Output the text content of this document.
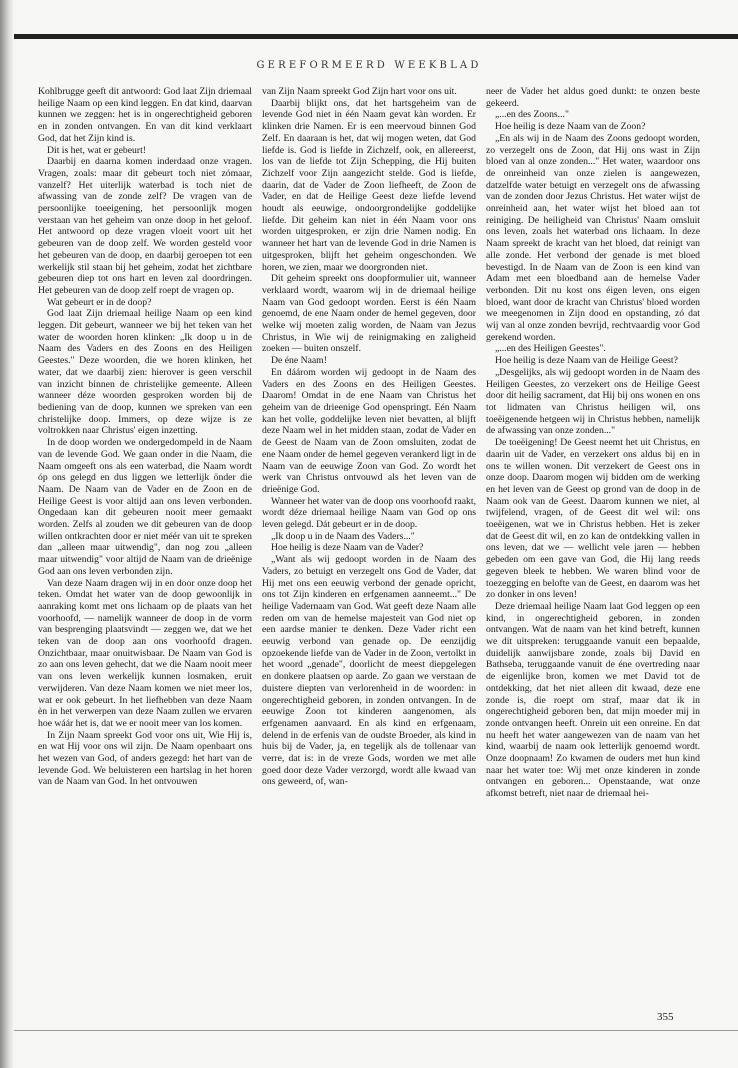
GEREFORMEERD WEEKBLAD

Kohlbrugge geeft dit antwoord: God laat Zijn driemaal heilige Naam op een kind leggen. En dat kind, daarvan kunnen we zeggen: het is in ongerechtigheid geboren en in zonden ontvangen. En van dit kind verklaart God, dat het Zijn kind is.

Dit is het, wat er gebeurt!

Daarbij en daarna komen inderdaad onze vragen. Vragen, zoals: maar dit gebeurt toch niet zómaar, vanzelf? Het uiterlijk waterbad is toch niet de afwassing van de zonde zelf? De vragen van de persoonlijke toeeigening, het persoonlijk mogen verstaan van het geheim van onze doop in het geloof. Het antwoord op deze vragen vloeit voort uit het gebeuren van de doop zelf. We worden gesteld voor het gebeuren van de doop, en daarbij geroepen tot een werkelijk stil staan bij het geheim, zodat het zichtbare gebeuren diep tot ons hart en leven zal doordringen. Het gebeuren van de doop zelf roept de vragen op.

Wat gebeurt er in de doop?

God laat Zijn driemaal heilige Naam op een kind leggen. Dit gebeurt, wanneer we bij het teken van het water de woorden horen klinken: „Ik doop u in de Naam des Vaders en des Zoons en des Heiligen Geestes." Deze woorden, die we horen klinken, het water, dat we daarbij zien: hierover is geen verschil van inzicht binnen de christelijke gemeente. Alleen wanneer déze woorden gesproken worden bij de bediening van de doop, kunnen we spreken van een christelijke doop. Immers, op deze wijze is ze voltrokken naar Christus' eigen inzetting.

In de doop worden we ondergedompeld in de Naam van de levende God. We gaan onder in die Naam, die Naam omgeeft ons als een waterbad, die Naam wordt óp ons gelegd en dus liggen we letterlijk önder die Naam. De Naam van de Vader en de Zoon en de Heilige Geest is voor altijd aan ons leven verbonden. Ongedaan kan dit gebeuren nooit meer gemaakt worden. Zelfs al zouden we dit gebeuren van de doop willen ontkrachten door er niet méér van uit te spreken dan „alleen maar uitwendig", dan nog zou „alleen maar uitwendig" voor altijd de Naam van de drieënige God aan ons leven verbonden zijn.

Van deze Naam dragen wij in en door onze doop het teken. Omdat het water van de doop gewoonlijk in aanraking komt met ons lichaam op de plaats van het voorhoofd, — namelijk wanneer de doop in de vorm van besprenging plaatsvindt — zeggen we, dat we het teken van de doop aan ons voorhoofd dragen. Onzichtbaar, maar onuitwisbaar. De Naam van God is zo aan ons leven gehecht, dat we die Naam nooit meer van ons leven werkelijk kunnen losmaken, eruit verwijderen. Van deze Naam komen we niet meer los, wat er ook gebeurt. In het liefhebben van deze Naam èn in het verwerpen van deze Naam zullen we ervaren hoe wáár het is, dat we er nooit meer van los komen.

In Zijn Naam spreekt God voor ons uit, Wie Hij is, en wat Hij voor ons wil zijn. De Naam openbaart ons het wezen van God, of anders gezegd: het hart van de levende God. We beluisteren een hartslag in het horen van de Naam van God. In het ontvouwen

van Zijn Naam spreekt God Zijn hart voor ons uit.

Daarbij blijkt ons, dat het hartsgeheim van de levende God niet in één Naam gevat kàn worden. Er klinken drie Namen. Er is een meervoud binnen God Zelf. En daaraan is het, dat wij mogen weten, dat God liefde is. God is liefde in Zichzelf, ook, en allereerst, los van de liefde tot Zijn Schepping, die Hij buiten Zichzelf voor Zijn aangezicht stelde. God is liefde, daarin, dat de Vader de Zoon liefheeft, de Zoon de Vader, en dat de Heilige Geest deze liefde levend houdt als eeuwige, ondoorgrondelijke goddelijke liefde. Dit geheim kan niet in één Naam voor ons worden uitgesproken, er zijn drie Namen nodig. En wanneer het hart van de levende God in drie Namen is uitgesproken, blijft het geheim ongeschonden. We horen, we zien, maar we doorgronden niet.

Dit geheim spreekt ons doopformulier uit, wanneer verklaard wordt, waarom wij in de driemaal heilige Naam van God gedoopt worden. Eerst is één Naam genoemd, de ene Naam onder de hemel gegeven, door welke wij moeten zalig worden, de Naam van Jezus Christus, in Wie wij de reinigmaking en zaligheid zoeken — buiten onszelf.

De éne Naam!

En dáárom worden wij gedoopt in de Naam des Vaders en des Zoons en des Heiligen Geestes. Daarom! Omdat in de ene Naam van Christus het geheim van de drieenige God openspringt. Eén Naam kan het volle, goddelijke leven niet bevatten, al blijft deze Naam wel in het midden staan, zodat de Vader en de Geest de Naam van de Zoon omsluiten, zodat de ene Naam onder de hemel gegeven verankerd ligt in de Naam van de eeuwige Zoon van God. Zo wordt het werk van Christus ontvouwd als het leven van de drieënige God.

Wanneer het water van de doop ons voorhoofd raakt, wordt déze driemaal heilige Naam van God op ons leven gelegd. Dát gebeurt er in de doop.

„Ik doop u in de Naam des Vaders..."

Hoe heilig is deze Naam van de Vader?

„Want als wij gedoopt worden in de Naam des Vaders, zo betuigt en verzegelt ons God de Vader, dat Hij met ons een eeuwig verbond der genade opricht, ons tot Zijn kinderen en erfgenamen aanneemt..." De heilige Vadernaam van God. Wat geeft deze Naam alle reden om van de hemelse majesteit van God niet op een aardse manier te denken. Deze Vader richt een eeuwig verbond van genade op. De eenzijdig opzoekende liefde van de Vader in de Zoon, vertolkt in het woord „genade", doorlicht de meest diepgelegen en donkere plaatsen op aarde. Zo gaan we verstaan de duistere diepten van verlorenheid in de woorden: in ongerechtigheid geboren, in zonden ontvangen. In de eeuwige Zoon tot kinderen aangenomen, als erfgenamen aanvaard. En als kind en erfgenaam, delend in de erfenis van de oudste Broeder, als kind in huis bij de Vader, ja, en tegelijk als de tollenaar van verre, dat is: in de vreze Gods, worden we met alle goed door deze Vader verzorgd, wordt alle kwaad van ons geweerd, of, wan-

neer de Vader het aldus goed dunkt: te onzen beste gekeerd.

„...en des Zoons..."

Hoe heilig is deze Naam van de Zoon?

„En als wij in de Naam des Zoons gedoopt worden, zo verzegelt ons de Zoon, dat Hij ons wast in Zijn bloed van al onze zonden..." Het water, waardoor ons de onreinheid van onze zielen is aangewezen, datzelfde water betuigt en verzegelt ons de afwassing van de zonden door Jezus Christus. Het water wijst de onreinheid aan, het water wijst het bloed aan tot reiniging. De heiligheid van Christus' Naam omsluit ons leven, zoals het waterbad ons lichaam. In deze Naam spreekt de kracht van het bloed, dat reinigt van alle zonde. Het verbond der genade is met bloed bevestigd. In de Naam van de Zoon is een kind van Adam met een bloedband aan de hemelse Vader verbonden. Dit nu kost ons éigen leven, ons eigen bloed, want door de kracht van Christus' bloed worden we meegenomen in Zijn dood en opstanding, zó dat wij van al onze zonden bevrijd, rechtvaardig voor God gerekend worden.

„...en des Heiligen Geestes".

Hoe heilig is deze Naam van de Heilige Geest?

„Desgelijks, als wij gedoopt worden in de Naam des Heiligen Geestes, zo verzekert ons de Heilige Geest door dit heilig sacrament, dat Hij bij ons wonen en ons tot lidmaten van Christus heiligen wil, ons toeëigenende hetgeen wij in Christus hebben, namelijk de afwassing van onze zonden..."

De toeëigening! De Geest neemt het uit Christus, en daarin uit de Vader, en verzekert ons aldus bij en in ons te willen wonen. Dit verzekert de Geest ons in onze doop. Daarom mogen wij bidden om de werking en het leven van de Geest op grond van de doop in de Naam ook van de Geest. Daarom kunnen we niet, al twijfelend, vragen, of de Geest dit wel wil: ons toeëigenen, wat we in Christus hebben. Het is zeker dat de Geest dit wil, en zo kan de ontdekking vallen in ons leven, dat we — wellicht vele jaren — hebben gebeden om een gave van God, die Hij lang reeds gegeven bleek te hebben. We waren blind voor de toezegging en belofte van de Geest, en daarom was het zo donker in ons leven!

Deze driemaal heilige Naam laat God leggen op een kind, in ongerechtigheid geboren, in zonden ontvangen. Wat de naam van het kind betreft, kunnen we dit uitspreken: teruggaande vanuit een bepaalde, duidelijk aanwijsbare zonde, zoals bij David en Bathseba, teruggaande vanuit de éne overtreding naar de eigenlijke bron, komen we met David tot de ontdekking, dat het niet alleen dit kwaad, deze ene zonde is, die roept om straf, maar dat ik in ongerechtigheid geboren ben, dat mijn moeder mij in zonde ontvangen heeft. Onrein uit een onreine. En dat nu heeft het water aangewezen van de naam van het kind, waarbij de naam ook letterlijk genoemd wordt. Onze doopnaam! Zo kwamen de ouders met hun kind naar het water toe: Wij met onze kinderen in zonde ontvangen en geboren... Openstaande, wat onze afkomst betreft, niet naar de driemaal hei-

355
